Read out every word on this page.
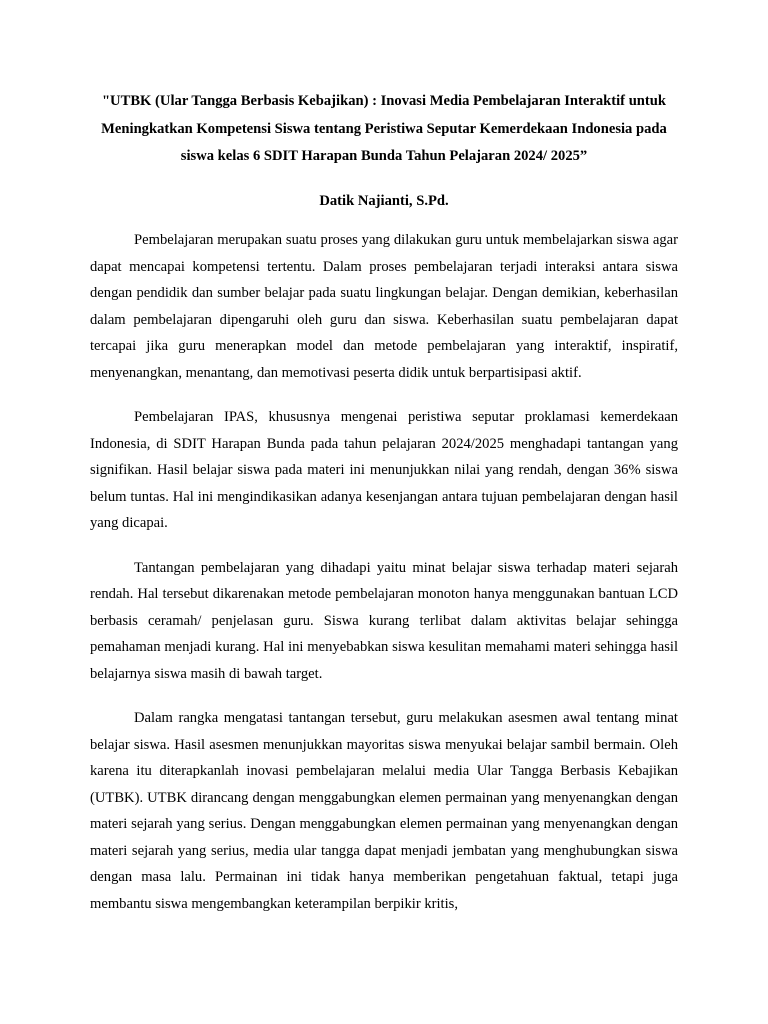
"UTBK (Ular Tangga Berbasis Kebajikan) : Inovasi Media Pembelajaran Interaktif untuk Meningkatkan Kompetensi Siswa tentang Peristiwa Seputar Kemerdekaan Indonesia pada siswa kelas 6 SDIT Harapan Bunda Tahun Pelajaran 2024/ 2025”

Datik Najianti, S.Pd.

Pembelajaran merupakan suatu proses yang dilakukan guru untuk membelajarkan siswa agar dapat mencapai kompetensi tertentu. Dalam proses pembelajaran terjadi interaksi antara siswa dengan pendidik dan sumber belajar pada suatu lingkungan belajar. Dengan demikian, keberhasilan dalam pembelajaran dipengaruhi oleh guru dan siswa. Keberhasilan suatu pembelajaran dapat tercapai jika guru menerapkan model dan metode pembelajaran yang interaktif, inspiratif, menyenangkan, menantang, dan memotivasi peserta didik untuk berpartisipasi aktif.

Pembelajaran IPAS, khususnya mengenai peristiwa seputar proklamasi kemerdekaan Indonesia, di SDIT Harapan Bunda pada tahun pelajaran 2024/2025 menghadapi tantangan yang signifikan. Hasil belajar siswa pada materi ini menunjukkan nilai yang rendah, dengan 36% siswa belum tuntas. Hal ini mengindikasikan adanya kesenjangan antara tujuan pembelajaran dengan hasil yang dicapai.

Tantangan pembelajaran yang dihadapi yaitu minat belajar siswa terhadap materi sejarah rendah. Hal tersebut dikarenakan metode pembelajaran monoton hanya menggunakan bantuan LCD berbasis ceramah/ penjelasan guru. Siswa kurang terlibat dalam aktivitas belajar sehingga pemahaman menjadi kurang. Hal ini menyebabkan siswa kesulitan memahami materi sehingga hasil belajarnya siswa masih di bawah target.

Dalam rangka mengatasi tantangan tersebut, guru melakukan asesmen awal tentang minat belajar siswa. Hasil asesmen menunjukkan mayoritas siswa menyukai belajar sambil bermain. Oleh karena itu diterapkanlah inovasi pembelajaran melalui media Ular Tangga Berbasis Kebajikan (UTBK). UTBK dirancang dengan menggabungkan elemen permainan yang menyenangkan dengan materi sejarah yang serius. Dengan menggabungkan elemen permainan yang menyenangkan dengan materi sejarah yang serius, media ular tangga dapat menjadi jembatan yang menghubungkan siswa dengan masa lalu. Permainan ini tidak hanya memberikan pengetahuan faktual, tetapi juga membantu siswa mengembangkan keterampilan berpikir kritis,
